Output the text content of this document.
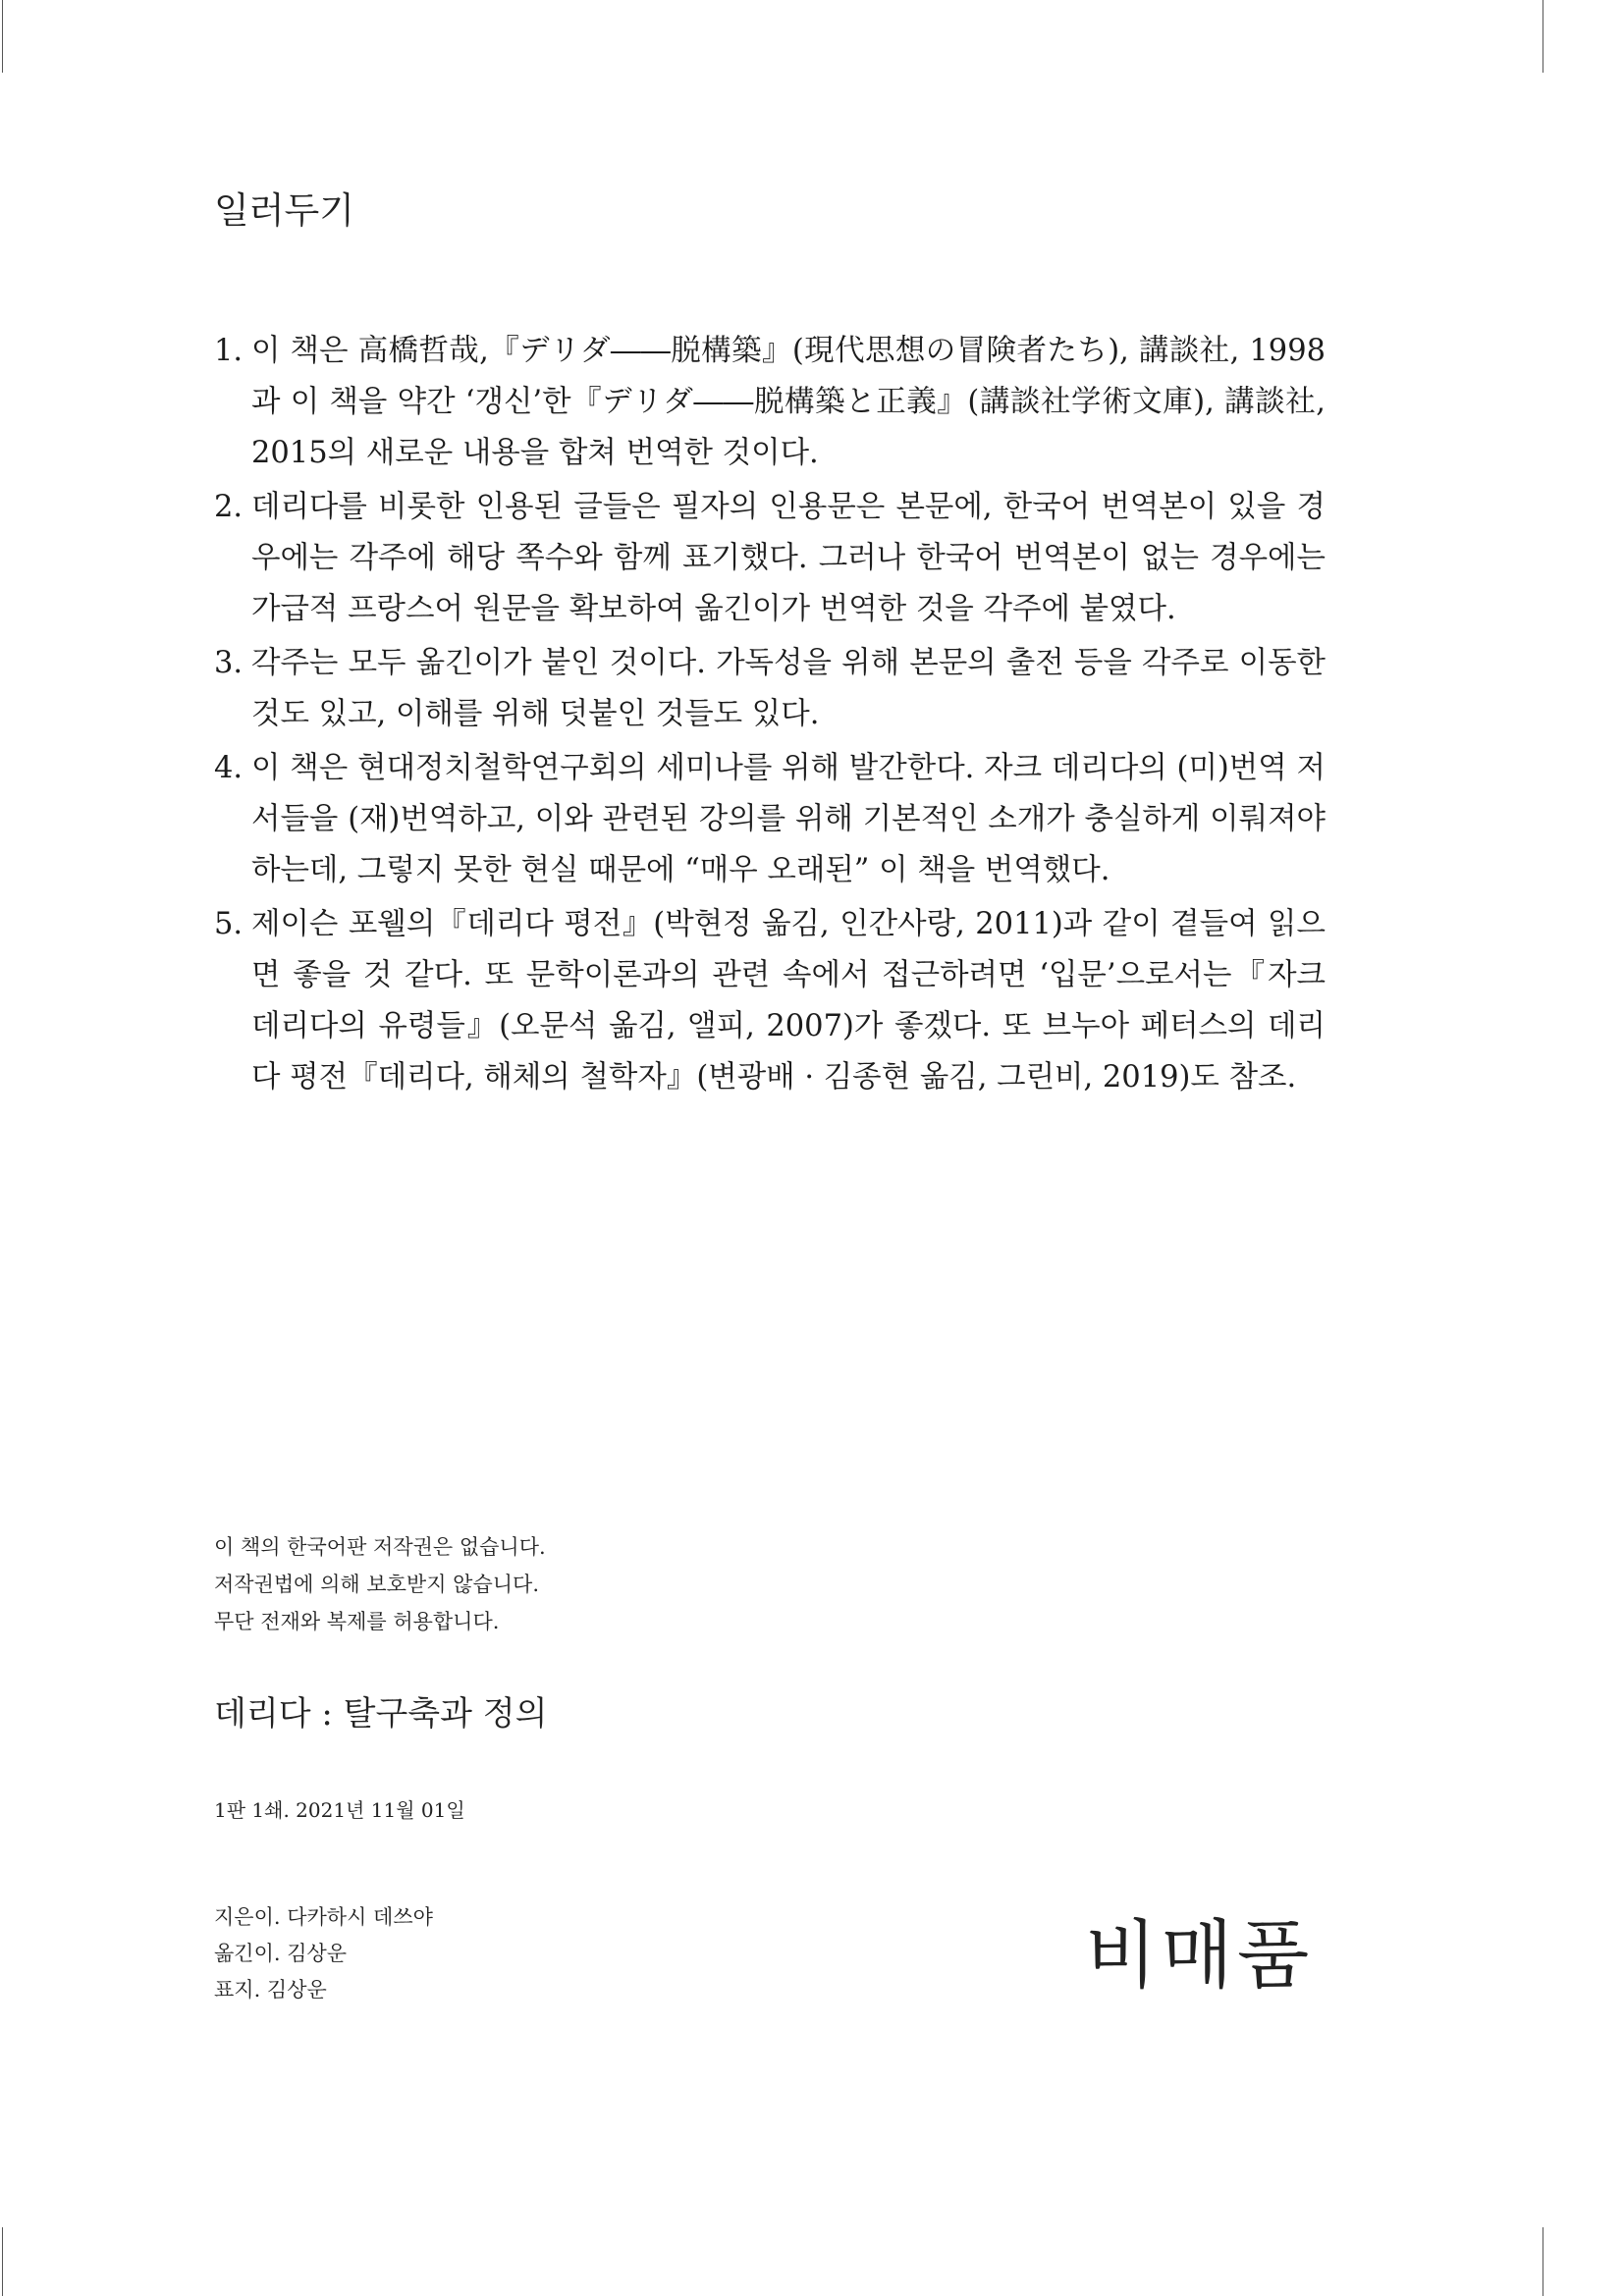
일러두기
1. 이 책은 高橋哲哉,『デリダ――脱構築』(現代思想の冒険者たち), 講談社, 1998과 이 책을 약간 ‘갱신’한『デリダ――脱構築と正義』(講談社学術文庫), 講談社, 2015의 새로운 내용을 합쳐 번역한 것이다.
2. 데리다를 비롯한 인용된 글들은 필자의 인용문은 본문에, 한국어 번역본이 있을 경우에는 각주에 해당 쪽수와 함께 표기했다. 그러나 한국어 번역본이 없는 경우에는 가급적 프랑스어 원문을 확보하여 옮긴이가 번역한 것을 각주에 붙였다.
3. 각주는 모두 옮긴이가 붙인 것이다. 가독성을 위해 본문의 출전 등을 각주로 이동한 것도 있고, 이해를 위해 덧붙인 것들도 있다.
4. 이 책은 현대정치철학연구회의 세미나를 위해 발간한다. 자크 데리다의 (미)번역 저서들을 (재)번역하고, 이와 관련된 강의를 위해 기본적인 소개가 충실하게 이뤄져야 하는데, 그렇지 못한 현실 때문에 “매우 오래된” 이 책을 번역했다.
5. 제이슨 포웰의『데리다 평전』(박현정 옮김, 인간사랑, 2011)과 같이 곁들여 읽으면 좋을 것 같다. 또 문학이론과의 관련 속에서 접근하려면 ‘입문’으로서는『자크 데리다의 유령들』(오문석 옮김, 앨피, 2007)가 좋겠다. 또 브누아 페터스의 데리다 평전『데리다, 해체의 철학자』(변광배 · 김종현 옮김, 그린비, 2019)도 참조.
이 책의 한국어판 저작권은 없습니다.
저작권법에 의해 보호받지 않습니다.
무단 전재와 복제를 허용합니다.
데리다 : 탈구축과 정의
1판 1쇄. 2021년 11월 01일
지은이. 다카하시 데쓰야
옮긴이. 김상운
표지. 김상운	비매품
